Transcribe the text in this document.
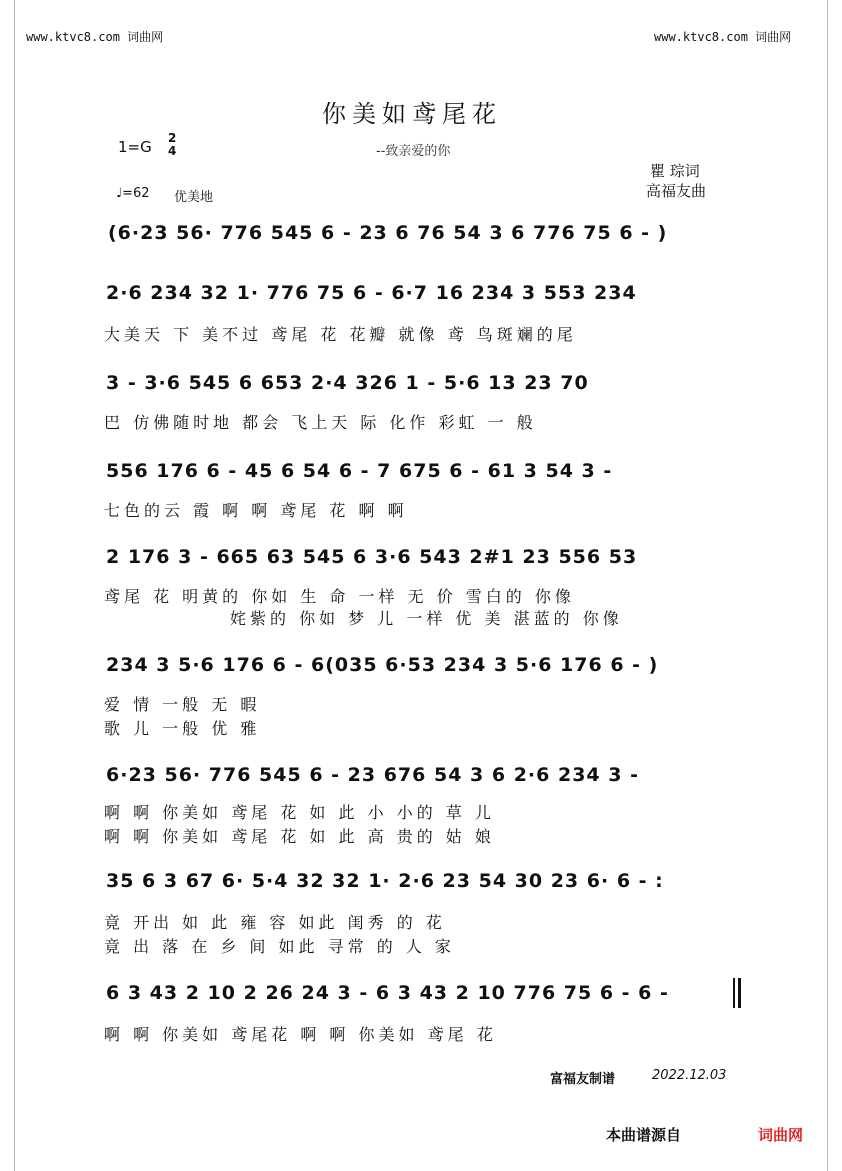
www.ktvc8.com 词曲网	www.ktvc8.com 词曲网
你美如鸢尾花
1=G 2
4	--致亲爱的你
瞿 琮词
高福友曲
♩=62 优美地
(6·23 56· 776 545 6 - 23 6 76 54 3 6 776 75 6 - )
2·6 234 32 1· 776 75 6 - 6·7 16 234 3 553 234
大美天 下 美不过 鸢尾 花 花瓣 就像 鸢 鸟斑斓的尾
3 - 3·6 545 6 653 2·4 326 1 - 5·6 13 23 70
巴 仿佛随时地 都会 飞上天 际 化作 彩虹 一 般
556 176 6 - 45 6 54 6 - 7 675 6 - 61 3 54 3 -
七色的云 霞 啊 啊 鸢尾 花 啊 啊
2 176 3 - 665 63 545 6 3·6 543 2#1 23 556 53
鸢尾 花 明黄的 你如 生 命 一样 无 价 雪白的 你像
姹紫的 你如 梦 儿 一样 优 美 湛蓝的 你像
234 3 5·6 176 6 - 6(035 6·53 234 3 5·6 176 6 - )
爱 情 一般 无 暇
歌 儿 一般 优 雅
6·23 56· 776 545 6 - 23 676 54 3 6 2·6 234 3 -
啊 啊 你美如 鸢尾 花 如 此 小 小的 草 儿
啊 啊 你美如 鸢尾 花 如 此 高 贵的 姑 娘
35 6 3 67 6· 5·4 32 32 1· 2·6 23 54 30 23 6· 6 - :
竟 开出 如 此 雍 容 如此 闺秀 的 花
竟 出 落 在 乡 间 如此 寻常 的 人 家
6 3 43 2 10 2 26 24 3 - 6 3 43 2 10 776 75 6 - 6 -
啊 啊 你美如 鸢尾花 啊 啊 你美如 鸢尾 花
富福友制谱	2022.12.03
本曲谱源自	词曲网
